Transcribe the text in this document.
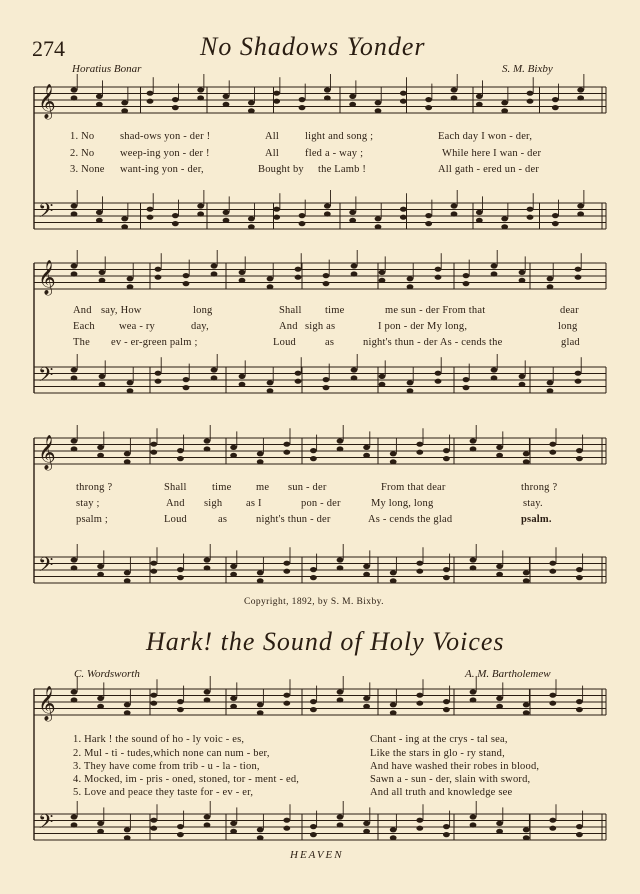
274	No Shadows Yonder
Horatius Bonar	S. M. Bixby
𝄞
𝄢
𝄞
𝄢
𝄞
𝄢
𝄞
𝄢
1. No shad-ows yon - der !	All light and song ;	Each day I won - der,
2. No weep-ing yon - der !	All fled a - way ;	While here I wan - der
3. None want-ing yon - der,	Bought by the Lamb !	All gath - ered un - der
And say, How	long	Shall time	me sun - der From that	dear
Each wea - ry	day,	And sigh as	I pon - der My long,	long
The ev - er-green palm ;	Loud	as	night's thun - der As - cends the	glad
throng ?	Shall time me sun - der	From that dear	throng ?
stay ;	And sigh as I	pon - der	My long, long	stay.
psalm ;	Loud	as	night's thun - der	As - cends the glad	psalm.
Copyright, 1892, by S. M. Bixby.
Hark! the Sound of Holy Voices
C. Wordsworth	A. M. Bartholemew
1. Hark ! the sound of ho - ly voic - es,	Chant - ing at the crys - tal sea,
2. Mul - ti - tudes,which none can num - ber,	Like the stars in glo - ry stand,
3. They have come from trib - u - la - tion,	And have washed their robes in blood,
4. Mocked, im - pris - oned, stoned, tor - ment - ed,	Sawn a - sun - der, slain with sword,
5. Love and peace they taste for - ev - er,	And all truth and knowledge see
HEAVEN
